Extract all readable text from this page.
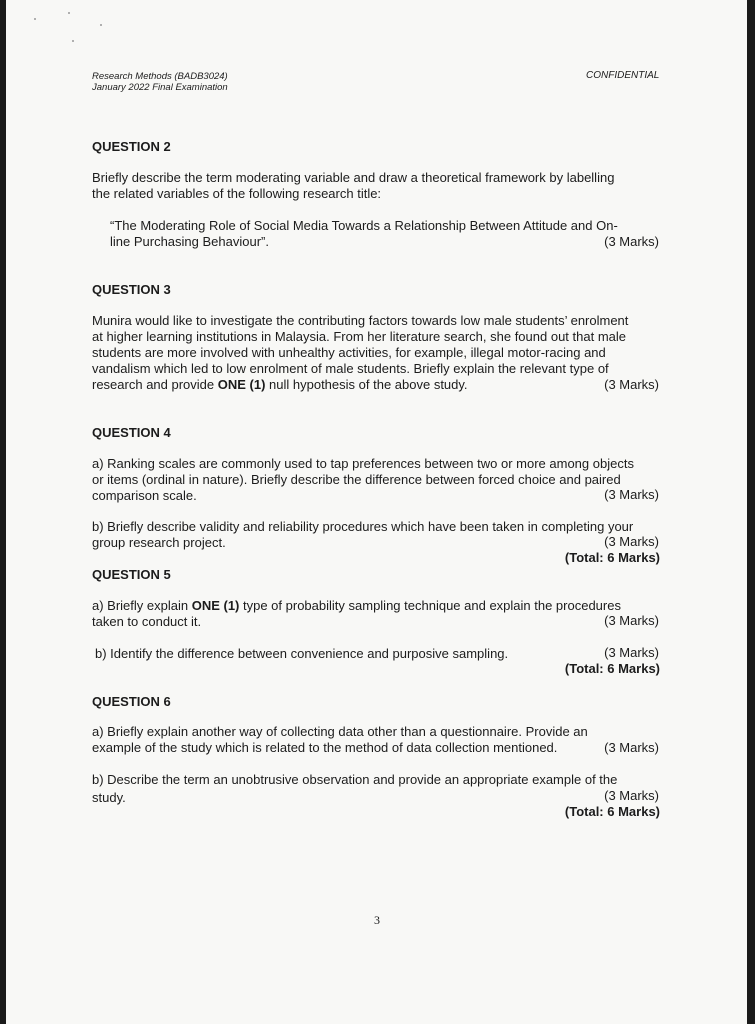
Research Methods (BADB3024)
January 2022 Final Examination
CONFIDENTIAL
QUESTION 2
Briefly describe the term moderating variable and draw a theoretical framework by labelling
the related variables of the following research title:
“The Moderating Role of Social Media Towards a Relationship Between Attitude and On-
line Purchasing Behaviour”.	(3 Marks)
QUESTION 3
Munira would like to investigate the contributing factors towards low male students’ enrolment
at higher learning institutions in Malaysia. From her literature search, she found out that male
students are more involved with unhealthy activities, for example, illegal motor-racing and
vandalism which led to low enrolment of male students. Briefly explain the relevant type of
research and provide ONE (1) null hypothesis of the above study.	(3 Marks)
QUESTION 4
a) Ranking scales are commonly used to tap preferences between two or more among objects
or items (ordinal in nature). Briefly describe the difference between forced choice and paired
comparison scale.	(3 Marks)
b) Briefly describe validity and reliability procedures which have been taken in completing your
group research project.	(3 Marks)
(Total: 6 Marks)
QUESTION 5
a) Briefly explain ONE (1) type of probability sampling technique and explain the procedures
taken to conduct it.	(3 Marks)
b) Identify the difference between convenience and purposive sampling.	(3 Marks)
(Total: 6 Marks)
QUESTION 6
a) Briefly explain another way of collecting data other than a questionnaire. Provide an
example of the study which is related to the method of data collection mentioned.	(3 Marks)
b) Describe the term an unobtrusive observation and provide an appropriate example of the
study.	(3 Marks)
(Total: 6 Marks)
3
